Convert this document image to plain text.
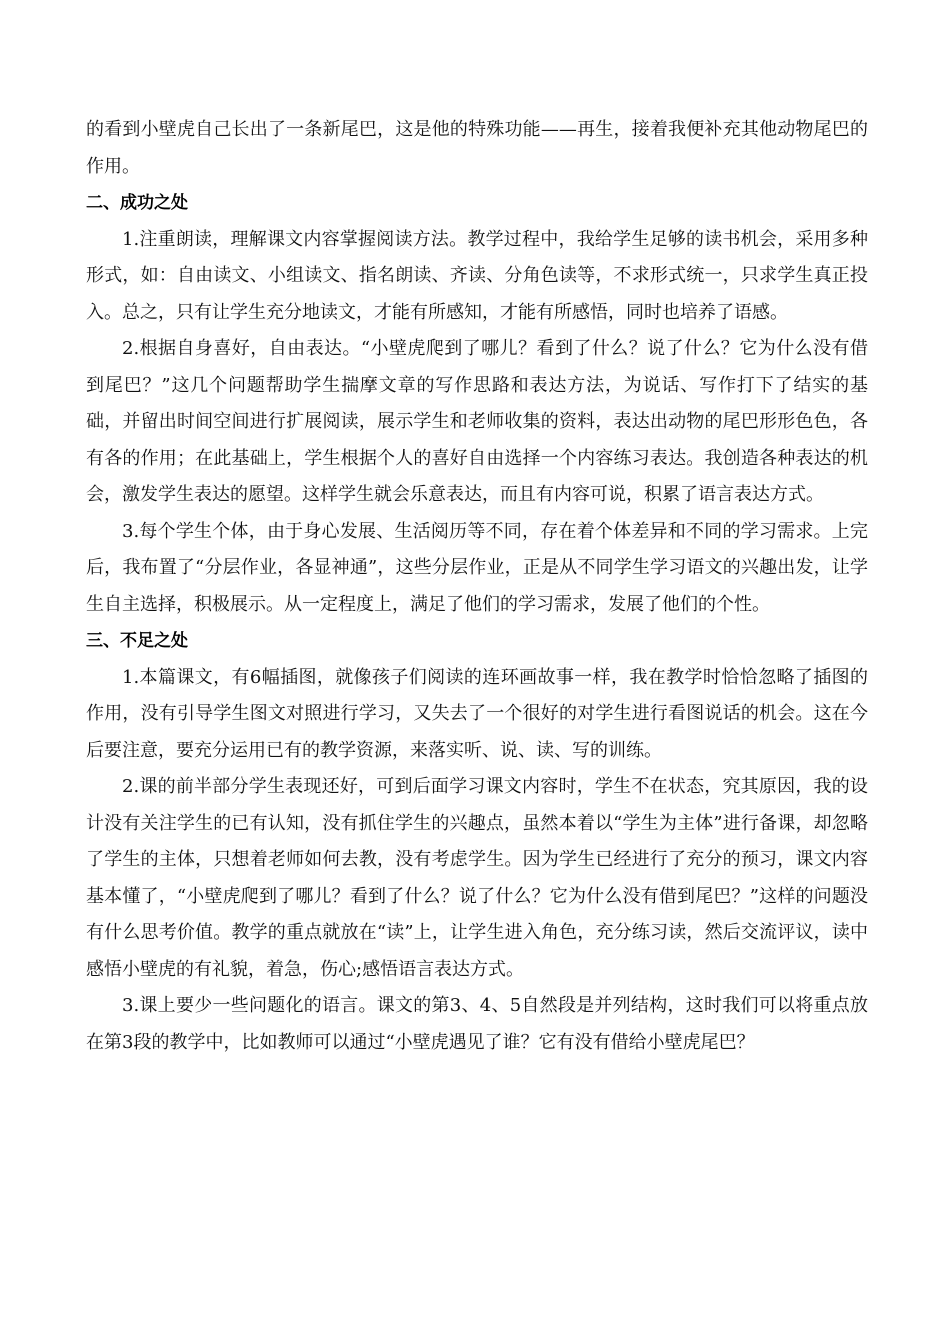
的看到小壁虎自己长出了一条新尾巴，这是他的特殊功能——再生，接着我便补充其他动物尾巴的作用。

二、成功之处

1.注重朗读，理解课文内容掌握阅读方法。教学过程中，我给学生足够的读书机会，采用多种形式，如：自由读文、小组读文、指名朗读、齐读、分角色读等，不求形式统一，只求学生真正投入。总之，只有让学生充分地读文，才能有所感知，才能有所感悟，同时也培养了语感。

2.根据自身喜好，自由表达。“小壁虎爬到了哪儿？看到了什么？说了什么？它为什么没有借到尾巴？”这几个问题帮助学生揣摩文章的写作思路和表达方法，为说话、写作打下了结实的基础，并留出时间空间进行扩展阅读，展示学生和老师收集的资料，表达出动物的尾巴形形色色，各有各的作用；在此基础上，学生根据个人的喜好自由选择一个内容练习表达。我创造各种表达的机会，激发学生表达的愿望。这样学生就会乐意表达，而且有内容可说，积累了语言表达方式。

3.每个学生个体，由于身心发展、生活阅历等不同，存在着个体差异和不同的学习需求。上完后，我布置了“分层作业，各显神通”，这些分层作业，正是从不同学生学习语文的兴趣出发，让学生自主选择，积极展示。从一定程度上，满足了他们的学习需求，发展了他们的个性。

三、不足之处

1.本篇课文，有6幅插图，就像孩子们阅读的连环画故事一样，我在教学时恰恰忽略了插图的作用，没有引导学生图文对照进行学习，又失去了一个很好的对学生进行看图说话的机会。这在今后要注意，要充分运用已有的教学资源，来落实听、说、读、写的训练。

2.课的前半部分学生表现还好，可到后面学习课文内容时，学生不在状态，究其原因，我的设计没有关注学生的已有认知，没有抓住学生的兴趣点，虽然本着以“学生为主体”进行备课，却忽略了学生的主体，只想着老师如何去教，没有考虑学生。因为学生已经进行了充分的预习，课文内容基本懂了，“小壁虎爬到了哪儿？看到了什么？说了什么？它为什么没有借到尾巴？”这样的问题没有什么思考价值。教学的重点就放在“读”上，让学生进入角色，充分练习读，然后交流评议，读中感悟小壁虎的有礼貌，着急，伤心;感悟语言表达方式。

3.课上要少一些问题化的语言。课文的第3、4、5自然段是并列结构，这时我们可以将重点放在第3段的教学中，比如教师可以通过“小壁虎遇见了谁？它有没有借给小壁虎尾巴？
